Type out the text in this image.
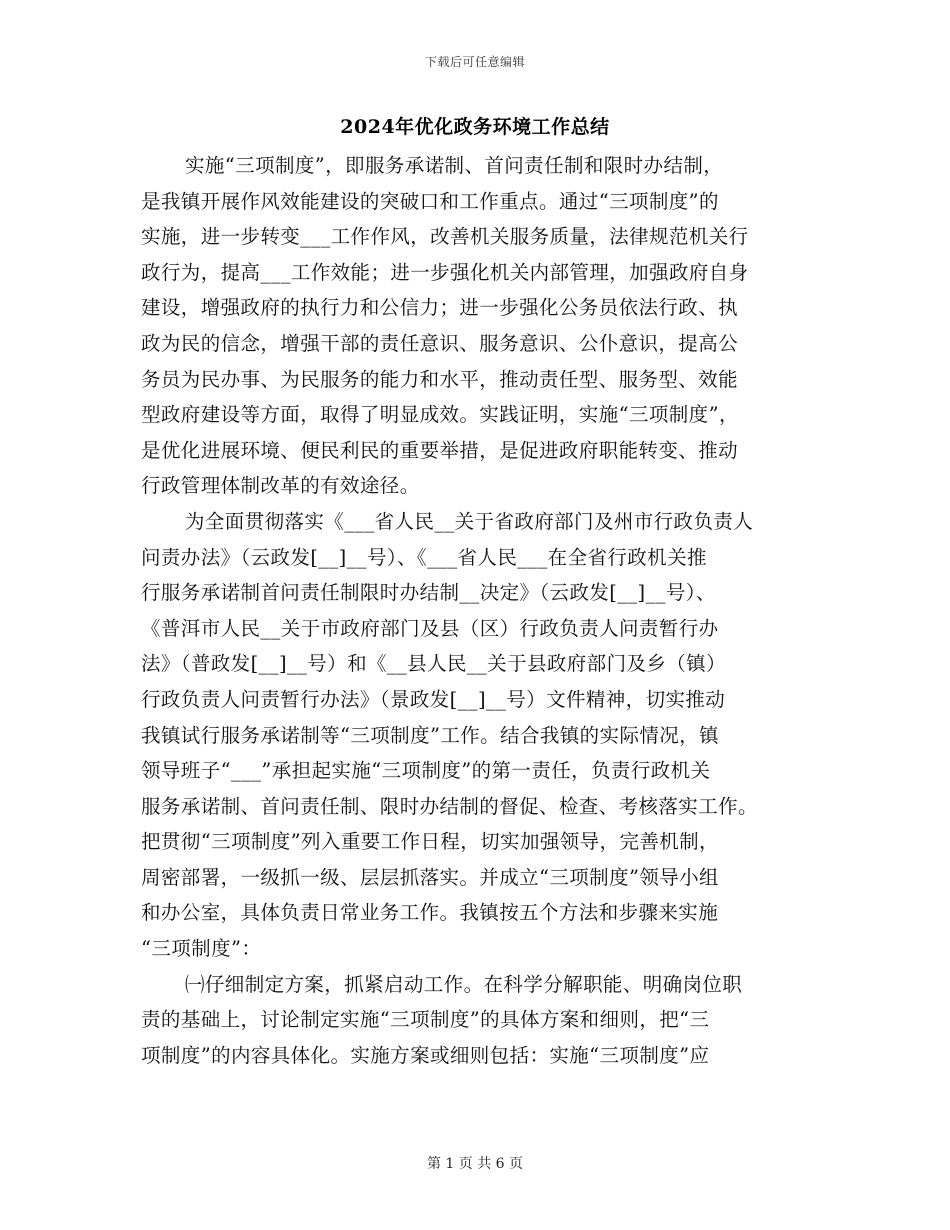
下载后可任意编辑
2024年优化政务环境工作总结
实施“三项制度”，即服务承诺制、首问责任制和限时办结制，
是我镇开展作风效能建设的突破口和工作重点。通过“三项制度”的
实施，进一步转变___工作作风，改善机关服务质量，法律规范机关行
政行为，提高___工作效能；进一步强化机关内部管理，加强政府自身
建设，增强政府的执行力和公信力；进一步强化公务员依法行政、执
政为民的信念，增强干部的责任意识、服务意识、公仆意识，提高公
务员为民办事、为民服务的能力和水平，推动责任型、服务型、效能
型政府建设等方面，取得了明显成效。实践证明，实施“三项制度”，
是优化进展环境、便民利民的重要举措，是促进政府职能转变、推动
行政管理体制改革的有效途径。
为全面贯彻落实《___省人民__关于省政府部门及州市行政负责人
问责办法》（云政发[__]__号）、《___省人民___在全省行政机关推
行服务承诺制首问责任制限时办结制__决定》（云政发[__]__号）、
《普洱市人民__关于市政府部门及县（区）行政负责人问责暂行办
法》（普政发[__]__号）和《__县人民__关于县政府部门及乡（镇）
行政负责人问责暂行办法》（景政发[__]__号）文件精神，切实推动
我镇试行服务承诺制等“三项制度”工作。结合我镇的实际情况，镇
领导班子“___”承担起实施“三项制度”的第一责任，负责行政机关
服务承诺制、首问责任制、限时办结制的督促、检查、考核落实工作。
把贯彻“三项制度”列入重要工作日程，切实加强领导，完善机制，
周密部署，一级抓一级、层层抓落实。并成立“三项制度”领导小组
和办公室，具体负责日常业务工作。我镇按五个方法和步骤来实施
“三项制度”：
㈠仔细制定方案，抓紧启动工作。在科学分解职能、明确岗位职
责的基础上，讨论制定实施“三项制度”的具体方案和细则，把“三
项制度”的内容具体化。实施方案或细则包括：实施“三项制度”应
第 1 页 共 6 页
